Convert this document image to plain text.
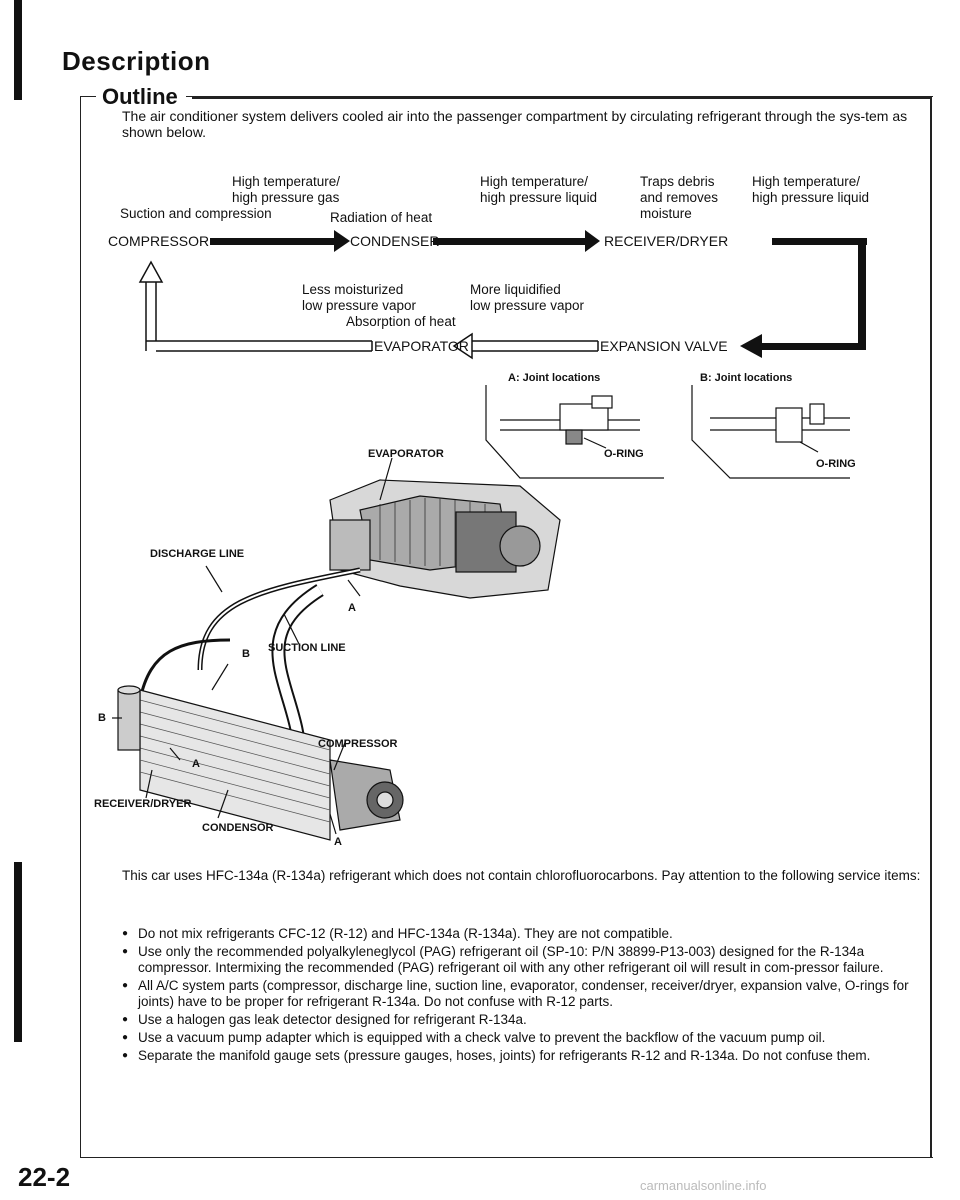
Description
Outline
The air conditioner system delivers cooled air into the passenger compartment by circulating refrigerant through the sys-tem as shown below.
Suction and compression
High temperature/
high pressure gas
Radiation of heat
High temperature/
high pressure liquid
Traps debris
and removes
moisture
High temperature/
high pressure liquid
COMPRESSOR	CONDENSER	RECEIVER/DRYER
Less moisturized
low pressure vapor
More liquidified
low pressure vapor
Absorption of heat
EVAPORATOR	EXPANSION VALVE
A: Joint locations	B: Joint locations
O-RING
O-RING
EVAPORATOR
DISCHARGE LINE
SUCTION LINE
COMPRESSOR
RECEIVER/DRYER
CONDENSOR
A
B
B
A
A
This car uses HFC-134a (R-134a) refrigerant which does not contain chlorofluorocarbons. Pay attention to the following service items:
● Do not mix refrigerants CFC-12 (R-12) and HFC-134a (R-134a). They are not compatible.
● Use only the recommended polyalkyleneglycol (PAG) refrigerant oil (SP-10: P/N 38899-P13-003) designed for the R-134a compressor. Intermixing the recommended (PAG) refrigerant oil with any other refrigerant oil will result in com-pressor failure.
● All A/C system parts (compressor, discharge line, suction line, evaporator, condenser, receiver/dryer, expansion valve, O-rings for joints) have to be proper for refrigerant R-134a. Do not confuse with R-12 parts.
● Use a halogen gas leak detector designed for refrigerant R-134a.
● Use a vacuum pump adapter which is equipped with a check valve to prevent the backflow of the vacuum pump oil.
● Separate the manifold gauge sets (pressure gauges, hoses, joints) for refrigerants R-12 and R-134a. Do not confuse them.
22-2	carmanualsonline.info
